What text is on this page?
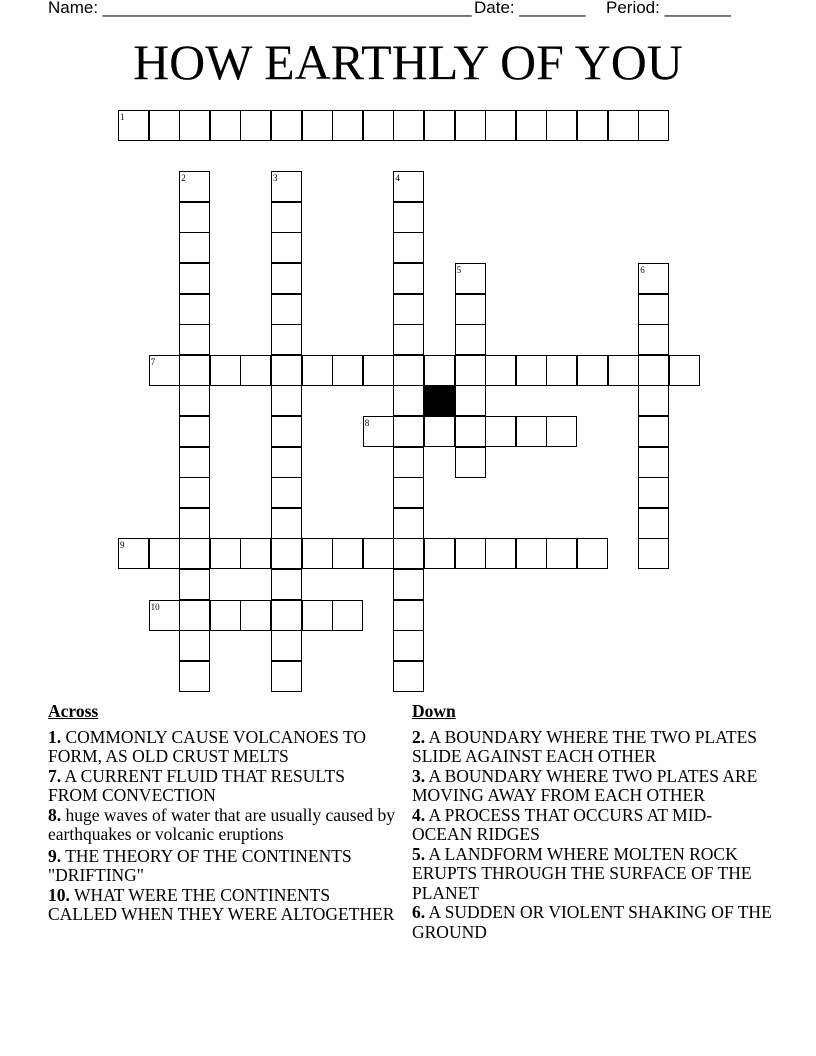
Name: _______________________________________ Date: _______ Period: _______
HOW EARTHLY OF YOU
1
2	3	4
5	6
7
8
9
10
Across
1. COMMONLY CAUSE VOLCANOES TO FORM, AS OLD CRUST MELTS
7. A CURRENT FLUID THAT RESULTS FROM CONVECTION
8. huge waves of water that are usually caused by earthquakes or volcanic eruptions
9. THE THEORY OF THE CONTINENTS "DRIFTING"
10. WHAT WERE THE CONTINENTS CALLED WHEN THEY WERE ALTOGETHER
Down
2. A BOUNDARY WHERE THE TWO PLATES SLIDE AGAINST EACH OTHER
3. A BOUNDARY WHERE TWO PLATES ARE MOVING AWAY FROM EACH OTHER
4. A PROCESS THAT OCCURS AT MID-OCEAN RIDGES
5. A LANDFORM WHERE MOLTEN ROCK ERUPTS THROUGH THE SURFACE OF THE PLANET
6. A SUDDEN OR VIOLENT SHAKING OF THE GROUND
